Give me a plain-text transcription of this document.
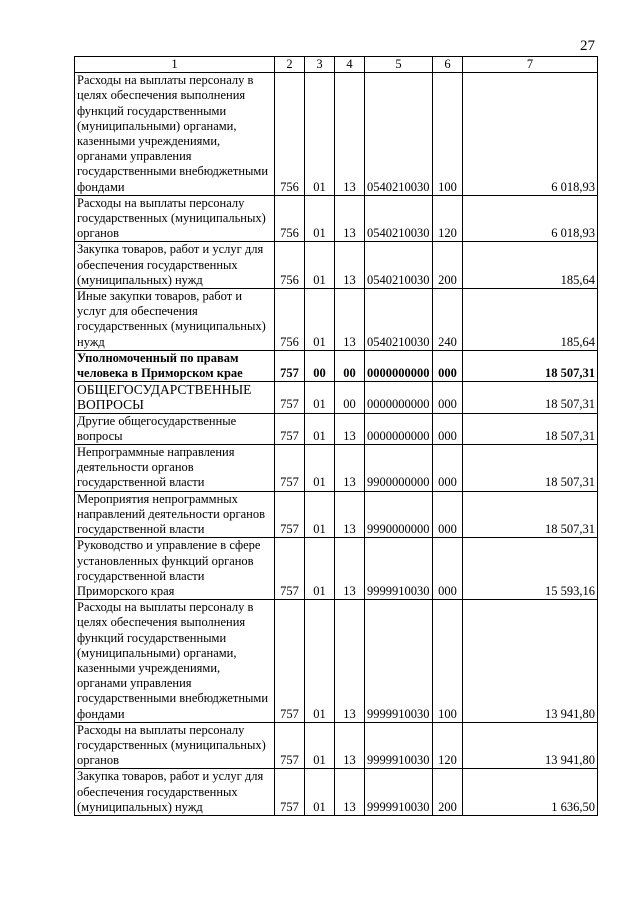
27
1	2	3	4	5	6	7
Расходы на выплаты персоналу в целях обеспечения выполнения функций государственными (муниципальными) органами, казенными учреждениями, органами управления государственными внебюджетными фондами	756	01	13	0540210030	100	6 018,93
Расходы на выплаты персоналу государственных (муниципальных) органов	756	01	13	0540210030	120	6 018,93
Закупка товаров, работ и услуг для обеспечения государственных (муниципальных) нужд	756	01	13	0540210030	200	185,64
Иные закупки товаров, работ и услуг для обеспечения государственных (муниципальных) нужд	756	01	13	0540210030	240	185,64
Уполномоченный по правам человека в Приморском крае	757	00	00	0000000000	000	18 507,31
ОБЩЕГОСУДАРСТВЕННЫЕ ВОПРОСЫ	757	01	00	0000000000	000	18 507,31
Другие общегосударственные вопросы	757	01	13	0000000000	000	18 507,31
Непрограммные направления деятельности органов государственной власти	757	01	13	9900000000	000	18 507,31
Мероприятия непрограммных направлений деятельности органов государственной власти	757	01	13	9990000000	000	18 507,31
Руководство и управление в сфере установленных функций органов государственной власти Приморского края	757	01	13	9999910030	000	15 593,16
Расходы на выплаты персоналу в целях обеспечения выполнения функций государственными (муниципальными) органами, казенными учреждениями, органами управления государственными внебюджетными фондами	757	01	13	9999910030	100	13 941,80
Расходы на выплаты персоналу государственных (муниципальных) органов	757	01	13	9999910030	120	13 941,80
Закупка товаров, работ и услуг для обеспечения государственных (муниципальных) нужд	757	01	13	9999910030	200	1 636,50
